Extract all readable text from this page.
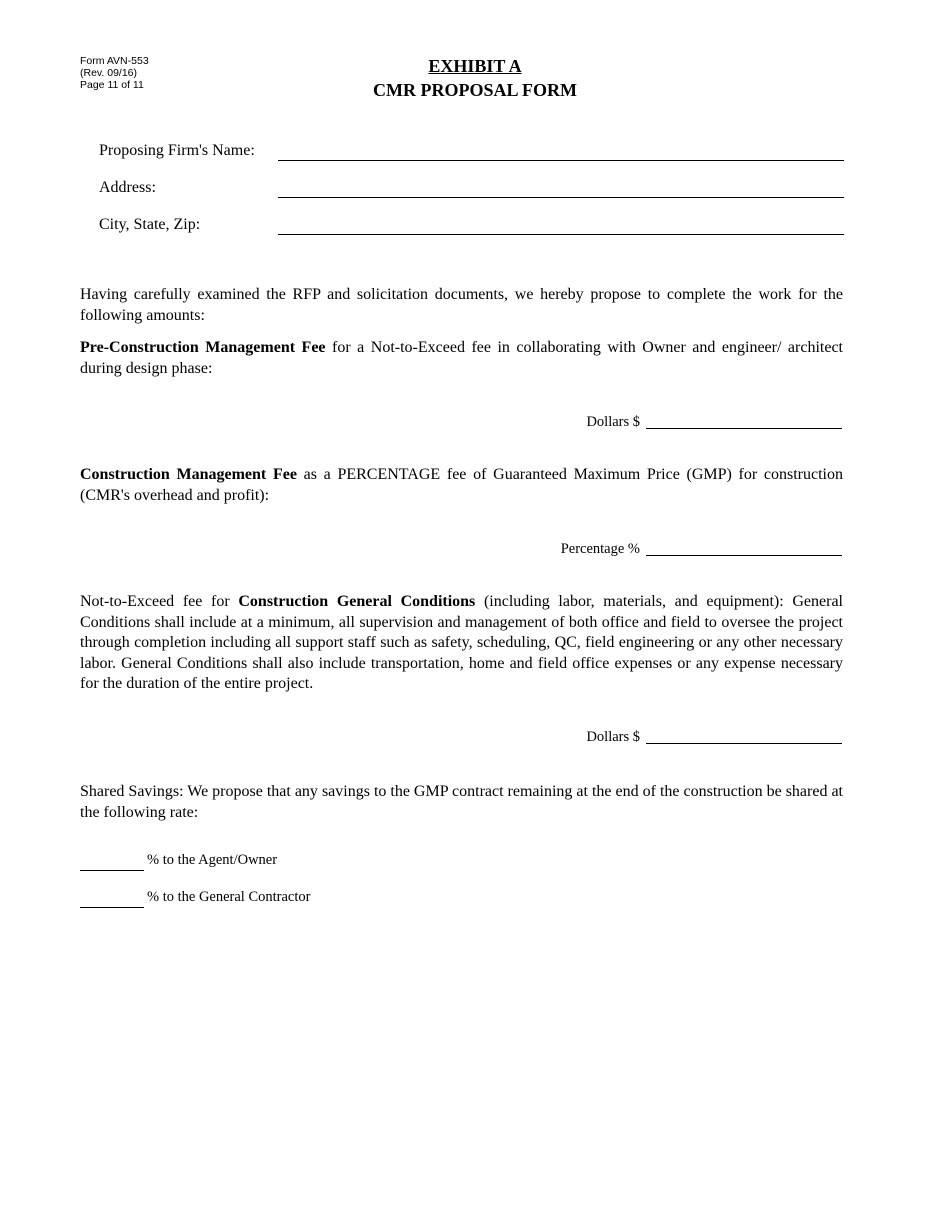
Form AVN-553
(Rev. 09/16)
Page 11 of 11
EXHIBIT A
CMR PROPOSAL FORM
Proposing Firm's Name:
Address:
City, State, Zip:
Having carefully examined the RFP and solicitation documents, we hereby propose to complete the work for the following amounts:
Pre-Construction Management Fee for a Not-to-Exceed fee in collaborating with Owner and engineer/ architect during design phase:
Dollars $
Construction Management Fee as a PERCENTAGE fee of Guaranteed Maximum Price (GMP) for construction (CMR's overhead and profit):
Percentage %
Not-to-Exceed fee for Construction General Conditions (including labor, materials, and equipment): General Conditions shall include at a minimum, all supervision and management of both office and field to oversee the project through completion including all support staff such as safety, scheduling, QC, field engineering or any other necessary labor. General Conditions shall also include transportation, home and field office expenses or any expense necessary for the duration of the entire project.
Dollars $
Shared Savings: We propose that any savings to the GMP contract remaining at the end of the construction be shared at the following rate:
% to the Agent/Owner
% to the General Contractor
